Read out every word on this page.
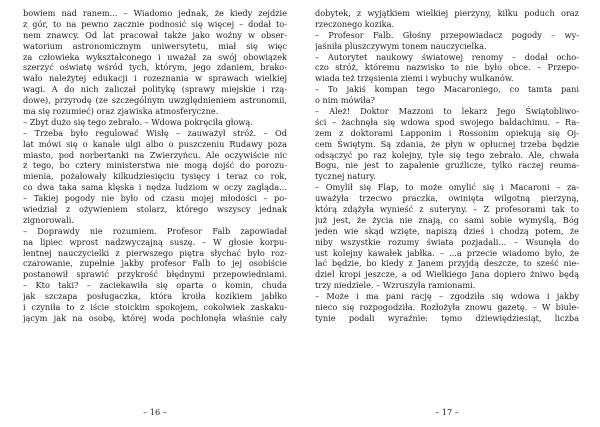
bowiem nad ranem... – Wiadomo jednak, że kiedy zejdzie
z gór, to na pewno zacznie podnosić się więcej – dodał to-
nem znawcy. Od lat pracował także jako woźny w obser-
watorium astronomicznym uniwersytetu, miał się więc
za człowieka wykształconego i uważał za swój obowiązek
szerzyć oświatę wśród tych, którym, jego zdaniem, brako-
wało należytej edukacji i rozeznania w sprawach wielkiej
wagi. A do nich zaliczał politykę (sprawy miejskie i rzą-
dowe), przyrodę (ze szczególnym uwzględnieniem astronomii,
ma się rozumieć) oraz zjawiska atmosferyczne.
– Zbyt dużo się tego zebrało. – Wdowa pokręciła głową.
– Trzeba było regulować Wisłę – zauważył stróż. – Od
lat mówi się o kanale ulgi albo o puszczeniu Rudawy poza
miasto, pod norbertanki na Zwierzyńcu. Ale oczywiście nic
z tego, bo cztery ministerstwa nie mogą dojść do porozu-
mienia, pożałowały kilkudziesięciu tysięcy i teraz co rok,
co dwa taka sama klęska i nędza ludziom w oczy zagląda...
– Takiej pogody nie było od czasu mojej młodości – po-
wiedział z ożywieniem stolarz, którego wszyscy jednak
zignorowali.
– Doprawdy nie rozumiem. Profesor Falb zapowiadał
na lipiec wprost nadzwyczajną suszę. – W głosie korpu-
lentnej nauczycielki z pierwszego piętra słychać było roz-
czarowanie, zupełnie jakby profesor Falb to jej osobiście
postanowił sprawić przykrość błędnymi przepowiedniami.
– Kto taki? – zaciekawiła się oparta o komin, chuda
jak szczapa posługaczka, która kroiła kozikiem jabłko
i czyniła to z iście stoickim spokojem, cokolwiek zaskaku-
jącym jak na osobę, której woda pochłonęła właśnie cały
dobytek, z wyjątkiem wielkiej pierzyny, kilku poduch oraz
rzeczonego kozika.
– Profesor Falb. Głośny przepowiadacz pogody – wy-
jaśniła pluszczywym tonem nauczycielka.
– Autorytet naukowy światowej renomy – dodał ocho-
czo stróż, któremu nazwisko to nie było obce. – Przepo-
wiada też trzęsienia ziemi i wybuchy wulkanów.
– To jakiś kompan tego Macaroniego, co tamta pani
o nim mówiła?
– Ależ! Doktor Mazzoni to lekarz Jego Świątobliwo-
ści – żachnęła się wdowa spod swojego baldachimu. – Ra-
zem z doktorami Lapponim i Rossonim opiekują się Oj-
cem Świętym. Są zdania, że płyn w opłucnej trzeba będzie
odsączyć po raz kolejny, tyle się tego zebrało. Ale, chwała
Bogu, nie jest to zapalenie gruźlicze, tylko raczej reuma-
tycznej natury.
– Omylił się Flap, to może omylić się i Macaroni – za-
uważyła trzecwo praczka, owinięta wilgotną pierzyną,
którą zdążyła wynieść z suteryny. – Z profesorami tak to
już jest, że życia nie znają, co sami sobie wymyślą, Bóg
jeden wie skąd wzięte, napiszą dzieś i chodzą potem, że
niby wszystkie rozumy świata pozjadali... – Wsunęła do
ust kolejny kawałek jabłka. – ...a przecie wiadomo było, że
lać będzie, bo kiedy z Janem przyjdą deszcze, to sześć nie-
dziel kropi jeszcze, a od Wielkiego Jana dopiero żniwo będą
trzy niedziele. – Wzruszyła ramionami.
– Może i ma pani rację – zgodziła się wdowa i jakby
nieco się rozpogodziła. Rozłożyła znowu gazetę. – W biule-
tynie podali wyraźnie: tęmo dziewiędziesiąt, liczba
– 16 –	– 17 –
